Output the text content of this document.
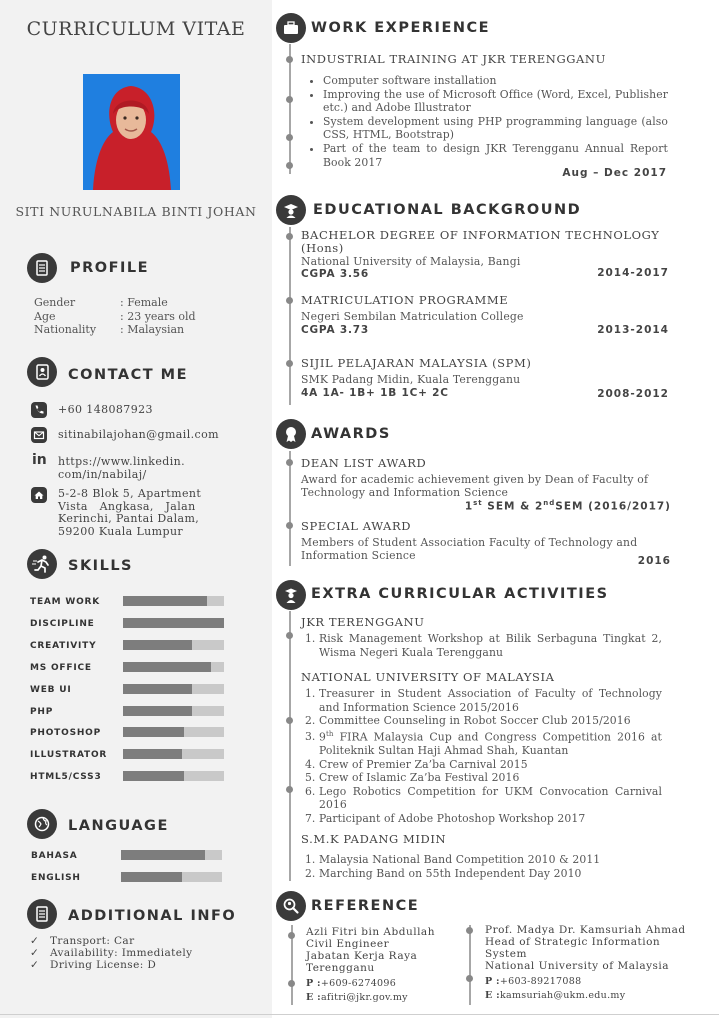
CURRICULUM VITAE
SITI NURULNABILA BINTI JOHAN
PROFILE
Gender	: Female
Age	: 23 years old
Nationality : Malaysian
CONTACT ME
+60 148087923
sitinabilajohan@gmail.com
in https://www.linkedin.
com/in/nabilaj/
5-2-8 Blok 5, Apartment
Vista   Angkasa,   Jalan
Kerinchi, Pantai Dalam,
59200 Kuala Lumpur
SKILLS
TEAM WORK
DISCIPLINE
CREATIVITY
MS OFFICE
WEB UI
PHP
PHOTOSHOP
ILLUSTRATOR
HTML5/CSS3
LANGUAGE
BAHASA
ENGLISH
ADDITIONAL INFO
✓ Transport: Car
✓ Availability: Immediately
✓ Driving License: D
WORK EXPERIENCE
INDUSTRIAL TRAINING AT JKR TERENGGANU
• Computer software installation
• Improving the use of Microsoft Office (Word, Excel, Publisher etc.) and Adobe Illustrator
• System development using PHP programming language (also CSS, HTML, Bootstrap)
• Part of the team to design JKR Terengganu Annual Report Book 2017
Aug – Dec 2017
EDUCATIONAL BACKGROUND
BACHELOR DEGREE OF INFORMATION TECHNOLOGY (Hons)
National University of Malaysia, Bangi
CGPA 3.56	2014-2017
MATRICULATION PROGRAMME
Negeri Sembilan Matriculation College
CGPA 3.73	2013-2014
SIJIL PELAJARAN MALAYSIA (SPM)
SMK Padang Midin, Kuala Terengganu
4A 1A- 1B+ 1B 1C+ 2C	2008-2012
AWARDS
DEAN LIST AWARD
Award for academic achievement given by Dean of Faculty of Technology and Information Science
1st SEM & 2ndSEM (2016/2017)
SPECIAL AWARD
Members of Student Association Faculty of Technology and Information Science	2016
EXTRA CURRICULAR ACTIVITIES
JKR TERENGGANU
1. Risk Management Workshop at Bilik Serbaguna Tingkat 2, Wisma Negeri Kuala Terengganu
NATIONAL UNIVERSITY OF MALAYSIA
1. Treasurer in Student Association of Faculty of Technology and Information Science 2015/2016
2. Committee Counseling in Robot Soccer Club 2015/2016
3. 9th FIRA Malaysia Cup and Congress Competition 2016 at Politeknik Sultan Haji Ahmad Shah, Kuantan
4. Crew of Premier Za’ba Carnival 2015
5. Crew of Islamic Za’ba Festival 2016
6. Lego Robotics Competition for UKM Convocation Carnival 2016
7. Participant of Adobe Photoshop Workshop 2017
S.M.K PADANG MIDIN
1. Malaysia National Band Competition 2010 & 2011
2. Marching Band on 55th Independent Day 2010
REFERENCE
Azli Fitri bin Abdullah
Civil Engineer
Jabatan Kerja Raya
Terengganu
P :+609-6274096
E :afitri@jkr.gov.my
Prof. Madya Dr. Kamsuriah Ahmad
Head of Strategic Information
System
National University of Malaysia
P :+603-89217088
E :kamsuriah@ukm.edu.my
